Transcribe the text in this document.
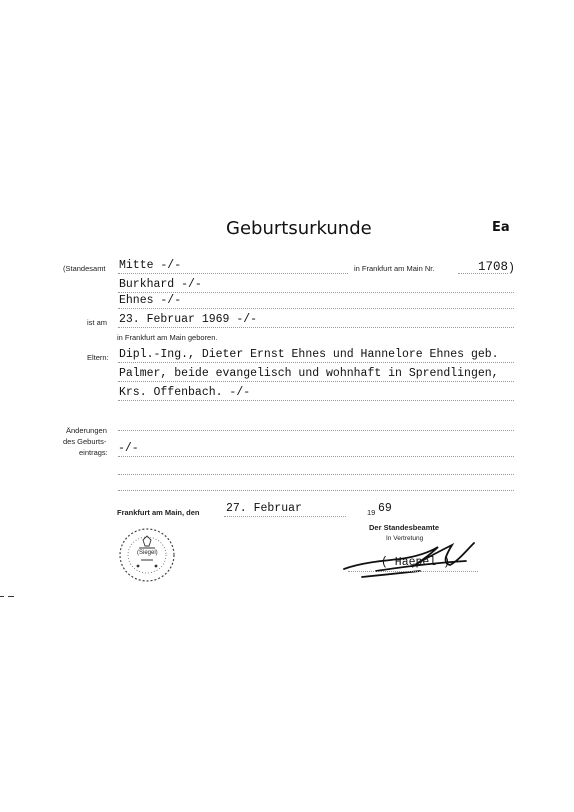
Geburtsurkunde	Ea
(Standesamt Mitte -/-	in Frankfurt am Main Nr.	1708 )
Burkhard -/-
Ehnes -/-
ist am 23. Februar 1969 -/-
in Frankfurt am Main geboren.
Eltern: Dipl.-Ing., Dieter Ernst Ehnes und Hannelore Ehnes geb.
Palmer, beide evangelisch und wohnhaft in Sprendlingen,
Krs. Offenbach. -/-
Änderungen
des Geburts-
eintrags: -/-
Frankfurt am Main, den 27. Februar	19 69
Der Standesbeamte
In Vertretung
( Haepel )
(Siegel)
